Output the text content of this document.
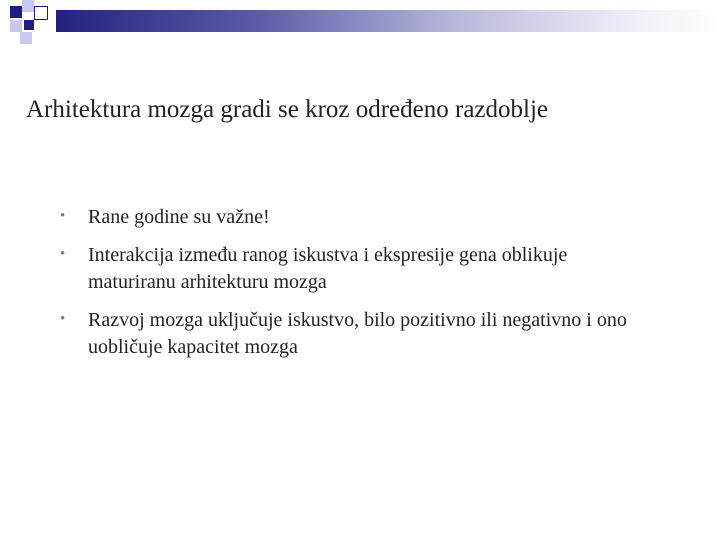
Arhitektura mozga gradi se kroz određeno razdoblje
• Rane godine su važne!
• Interakcija između ranog iskustva i ekspresije gena oblikuje maturiranu arhitekturu mozga
• Razvoj mozga uključuje iskustvo, bilo pozitivno ili negativno i ono uobličuje kapacitet mozga
